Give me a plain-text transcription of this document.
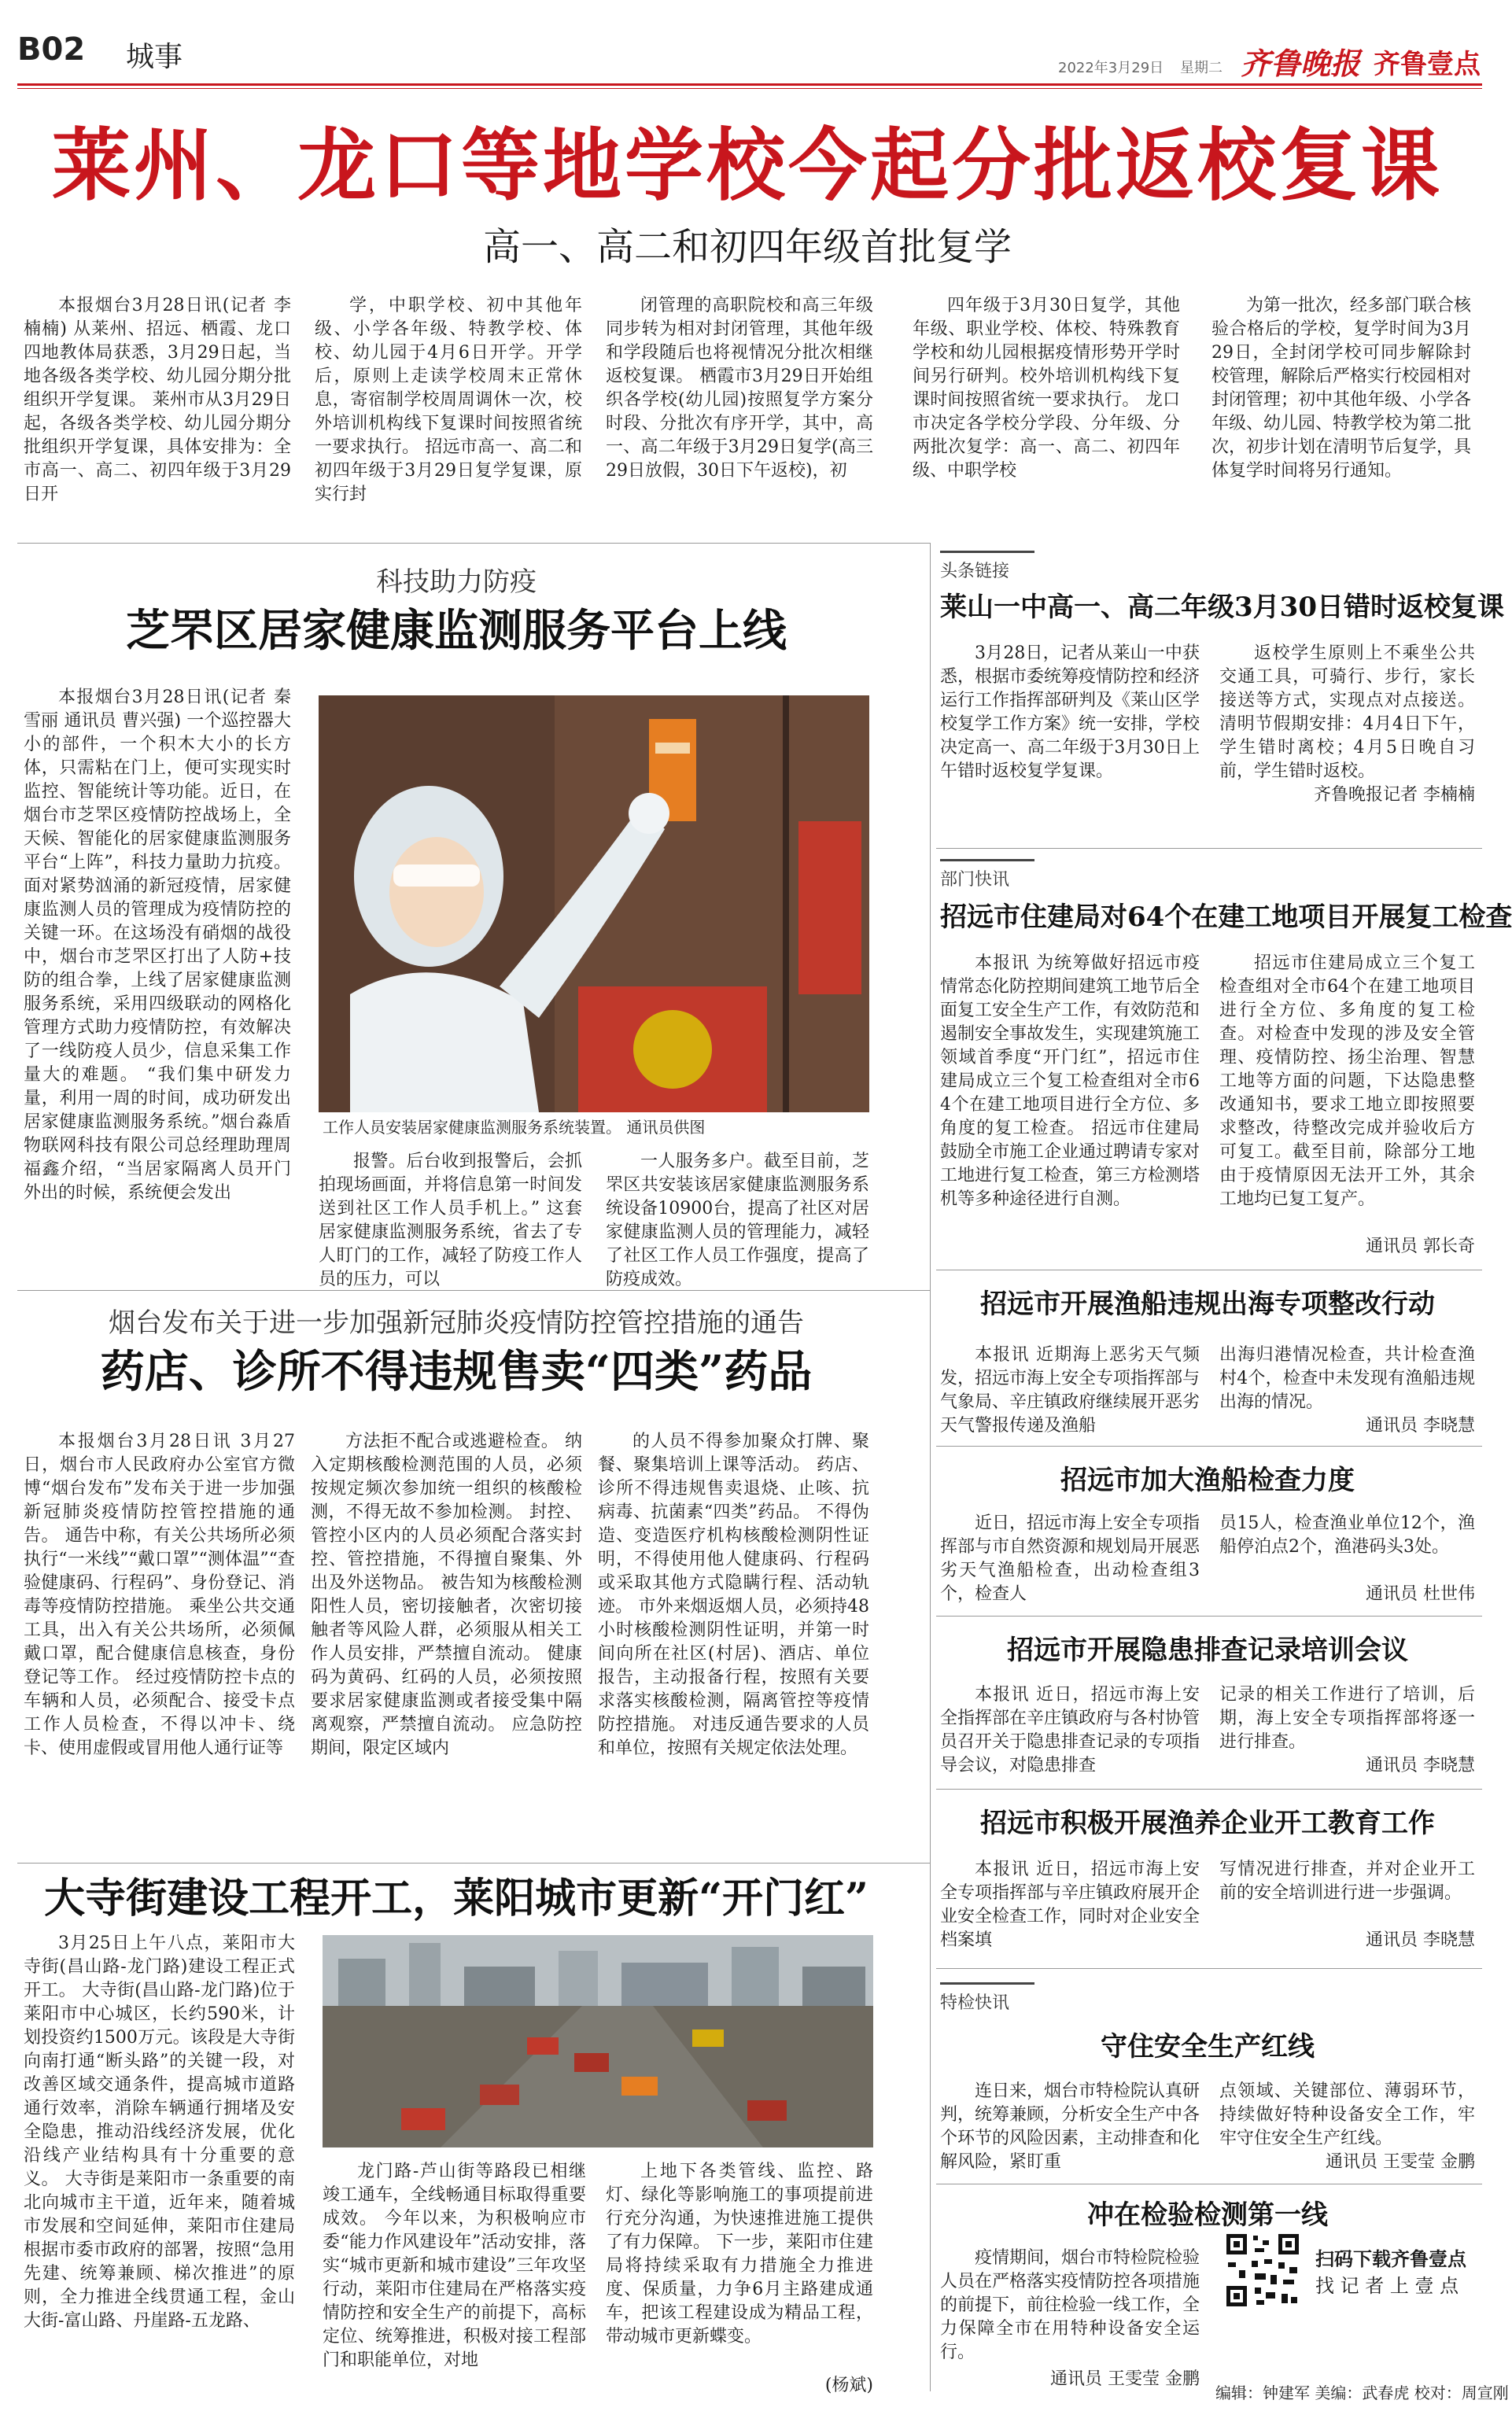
B02 城事	2022年3月29日 星期二 齐鲁晚报 齐鲁壹点
莱州、龙口等地学校今起分批返校复课
高一、高二和初四年级首批复学
本报烟台3月28日讯(记者 李楠楠) 从莱州、招远、栖霞、龙口四地教体局获悉，3月29日起，当地各级各类学校、幼儿园分期分批组织开学复课。 莱州市从3月29日起，各级各类学校、幼儿园分期分批组织开学复课，具体安排为：全市高一、高二、初四年级于3月29日开
学，中职学校、初中其他年级、小学各年级、特教学校、体校、幼儿园于4月6日开学。开学后，原则上走读学校周末正常休息，寄宿制学校周周调休一次，校外培训机构线下复课时间按照省统一要求执行。 招远市高一、高二和初四年级于3月29日复学复课，原实行封
闭管理的高职院校和高三年级同步转为相对封闭管理，其他年级和学段随后也将视情况分批次相继返校复课。 栖霞市3月29日开始组织各学校(幼儿园)按照复学方案分时段、分批次有序开学，其中，高一、高二年级于3月29日复学(高三29日放假，30日下午返校)，初
四年级于3月30日复学，其他年级、职业学校、体校、特殊教育学校和幼儿园根据疫情形势开学时间另行研判。校外培训机构线下复课时间按照省统一要求执行。 龙口市决定各学校分学段、分年级、分两批次复学：高一、高二、初四年级、中职学校
为第一批次，经多部门联合核验合格后的学校，复学时间为3月29日，全封闭学校可同步解除封校管理，解除后严格实行校园相对封闭管理；初中其他年级、小学各年级、幼儿园、特教学校为第二批次，初步计划在清明节后复学，具体复学时间将另行通知。
科技助力防疫
芝罘区居家健康监测服务平台上线
本报烟台3月28日讯(记者 秦雪丽 通讯员 曹兴强) 一个巡控器大小的部件，一个积木大小的长方体，只需粘在门上，便可实现实时监控、智能统计等功能。近日，在烟台市芝罘区疫情防控战场上，全天候、智能化的居家健康监测服务平台“上阵”，科技力量助力抗疫。 面对紧势汹涌的新冠疫情，居家健康监测人员的管理成为疫情防控的关键一环。在这场没有硝烟的战役中，烟台市芝罘区打出了人防+技防的组合拳，上线了居家健康监测服务系统，采用四级联动的网格化管理方式助力疫情防控，有效解决了一线防疫人员少，信息采集工作量大的难题。 “我们集中研发力量，利用一周的时间，成功研发出居家健康监测服务系统。”烟台淼盾物联网科技有限公司总经理助理周福鑫介绍，“当居家隔离人员开门外出的时候，系统便会发出
工作人员安装居家健康监测服务系统装置。 通讯员供图
报警。后台收到报警后，会抓拍现场画面，并将信息第一时间发送到社区工作人员手机上。” 这套居家健康监测服务系统，省去了专人盯门的工作，减轻了防疫工作人员的压力，可以
一人服务多户。截至目前，芝罘区共安装该居家健康监测服务系统设备10900台，提高了社区对居家健康监测人员的管理能力，减轻了社区工作人员工作强度，提高了防疫成效。
烟台发布关于进一步加强新冠肺炎疫情防控管控措施的通告
药店、诊所不得违规售卖“四类”药品
本报烟台3月28日讯 3月27日，烟台市人民政府办公室官方微博“烟台发布”发布关于进一步加强新冠肺炎疫情防控管控措施的通告。 通告中称，有关公共场所必须执行“一米线”“戴口罩”“测体温”“查验健康码、行程码”、身份登记、消毒等疫情防控措施。 乘坐公共交通工具，出入有关公共场所，必须佩戴口罩，配合健康信息核查，身份登记等工作。 经过疫情防控卡点的车辆和人员，必须配合、接受卡点工作人员检查，不得以冲卡、绕卡、使用虚假或冒用他人通行证等
方法拒不配合或逃避检查。 纳入定期核酸检测范围的人员，必须按规定频次参加统一组织的核酸检测，不得无故不参加检测。 封控、管控小区内的人员必须配合落实封控、管控措施，不得擅自聚集、外出及外送物品。 被告知为核酸检测阳性人员，密切接触者，次密切接触者等风险人群，必须服从相关工作人员安排，严禁擅自流动。 健康码为黄码、红码的人员，必须按照要求居家健康监测或者接受集中隔离观察，严禁擅自流动。 应急防控期间，限定区域内
的人员不得参加聚众打牌、聚餐、聚集培训上课等活动。 药店、诊所不得违规售卖退烧、止咳、抗病毒、抗菌素“四类”药品。 不得伪造、变造医疗机构核酸检测阴性证明，不得使用他人健康码、行程码或采取其他方式隐瞒行程、活动轨迹。 市外来烟返烟人员，必须持48小时核酸检测阴性证明，并第一时间向所在社区(村居)、酒店、单位报告，主动报备行程，按照有关要求落实核酸检测，隔离管控等疫情防控措施。 对违反通告要求的人员和单位，按照有关规定依法处理。
大寺街建设工程开工，莱阳城市更新“开门红”
3月25日上午八点，莱阳市大寺街(昌山路-龙门路)建设工程正式开工。 大寺街(昌山路-龙门路)位于莱阳市中心城区，长约590米，计划投资约1500万元。该段是大寺街向南打通“断头路”的关键一段，对改善区域交通条件，提高城市道路通行效率，消除车辆通行拥堵及安全隐患，推动沿线经济发展，优化沿线产业结构具有十分重要的意义。 大寺街是莱阳市一条重要的南北向城市主干道，近年来，随着城市发展和空间延伸，莱阳市住建局根据市委市政府的部署，按照“急用先建、统筹兼顾、梯次推进”的原则，全力推进全线贯通工程，金山大街-富山路、丹崖路-五龙路、
龙门路-芦山街等路段已相继竣工通车，全线畅通目标取得重要成效。 今年以来，为积极响应市委“能力作风建设年”活动安排，落实“城市更新和城市建设”三年攻坚行动，莱阳市住建局在严格落实疫情防控和安全生产的前提下，高标定位、统筹推进，积极对接工程部门和职能单位，对地
上地下各类管线、监控、路灯、绿化等影响施工的事项提前进行充分沟通，为快速推进施工提供了有力保障。 下一步，莱阳市住建局将持续采取有力措施全力推进度、保质量，力争6月主路建成通车，把该工程建设成为精品工程，带动城市更新蝶变。
(杨斌)
头条链接
莱山一中高一、高二年级3月30日错时返校复课
3月28日，记者从莱山一中获悉，根据市委统筹疫情防控和经济运行工作指挥部研判及《莱山区学校复学工作方案》统一安排，学校决定高一、高二年级于3月30日上午错时返校复学复课。
返校学生原则上不乘坐公共交通工具，可骑行、步行，家长接送等方式，实现点对点接送。 清明节假期安排：4月4日下午，学生错时离校；4月5日晚自习前，学生错时返校。
齐鲁晚报记者 李楠楠
部门快讯
招远市住建局对64个在建工地项目开展复工检查
本报讯 为统筹做好招远市疫情常态化防控期间建筑工地节后全面复工安全生产工作，有效防范和遏制安全事故发生，实现建筑施工领域首季度“开门红”，招远市住建局成立三个复工检查组对全市64个在建工地项目进行全方位、多角度的复工检查。 招远市住建局鼓励全市施工企业通过聘请专家对工地进行复工检查，第三方检测塔机等多种途径进行自测。
招远市住建局成立三个复工检查组对全市64个在建工地项目进行全方位、多角度的复工检查。对检查中发现的涉及安全管理、疫情防控、扬尘治理、智慧工地等方面的问题，下达隐患整改通知书，要求工地立即按照要求整改，待整改完成并验收后方可复工。截至目前，除部分工地由于疫情原因无法开工外，其余工地均已复工复产。
通讯员 郭长奇
招远市开展渔船违规出海专项整改行动
本报讯 近期海上恶劣天气频发，招远市海上安全专项指挥部与气象局、辛庄镇政府继续展开恶劣天气警报传递及渔船
出海归港情况检查，共计检查渔村4个，检查中未发现有渔船违规出海的情况。
通讯员 李晓慧
招远市加大渔船检查力度
近日，招远市海上安全专项指挥部与市自然资源和规划局开展恶劣天气渔船检查，出动检查组3个，检查人
员15人，检查渔业单位12个，渔船停泊点2个，渔港码头3处。
通讯员 杜世伟
招远市开展隐患排查记录培训会议
本报讯 近日，招远市海上安全指挥部在辛庄镇政府与各村协管员召开关于隐患排查记录的专项指导会议，对隐患排查
记录的相关工作进行了培训，后期，海上安全专项指挥部将逐一进行排查。
通讯员 李晓慧
招远市积极开展渔养企业开工教育工作
本报讯 近日，招远市海上安全专项指挥部与辛庄镇政府展开企业安全检查工作，同时对企业安全档案填
写情况进行排查，并对企业开工前的安全培训进行进一步强调。
通讯员 李晓慧
特检快讯
守住安全生产红线
连日来，烟台市特检院认真研判，统筹兼顾，分析安全生产中各个环节的风险因素，主动排查和化解风险，紧盯重
点领域、关键部位、薄弱环节，持续做好特种设备安全工作，牢牢守住安全生产红线。
通讯员 王雯莹 金鹏
冲在检验检测第一线
疫情期间，烟台市特检院检验人员在严格落实疫情防控各项措施的前提下，前往检验一线工作，全力保障全市在用特种设备安全运行。
通讯员 王雯莹 金鹏
扫码下载齐鲁壹点
找 记 者 上 壹 点
编辑：钟建军 美编：武春虎 校对：周宣刚
